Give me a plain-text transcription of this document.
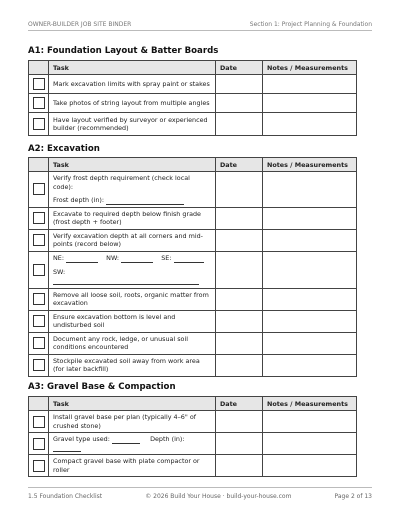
OWNER-BUILDER JOB SITE BINDER	Section 1: Project Planning & Foundation
A1: Foundation Layout & Batter Boards
	Task	Date	Notes / Measurements
	Mark excavation limits with spray paint or stakes		
	Take photos of string layout from multiple angles		
	Have layout verified by surveyor or experienced builder (recommended)		
A2: Excavation
	Task	Date	Notes / Measurements

	Verify frost depth requirement (check local code):
Frost depth (in):		

	Excavate to required depth below finish grade (frost depth + footer)		
	Verify excavation depth at all corners and mid-points (record below)		

	NE: NW: SE:
SW:		

	Remove all loose soil, roots, organic matter from excavation		
	Ensure excavation bottom is level and undisturbed soil		
	Document any rock, ledge, or unusual soil conditions encountered		
	Stockpile excavated soil away from work area (for later backfill)		
A3: Gravel Base & Compaction
	Task	Date	Notes / Measurements
	Install gravel base per plan (typically 4–6" of crushed stone)		
	Gravel type used: Depth (in):		
	Compact gravel base with plate compactor or roller		
1.5 Foundation Checklist	© 2026 Build Your House · build-your-house.com	Page 2 of 13
